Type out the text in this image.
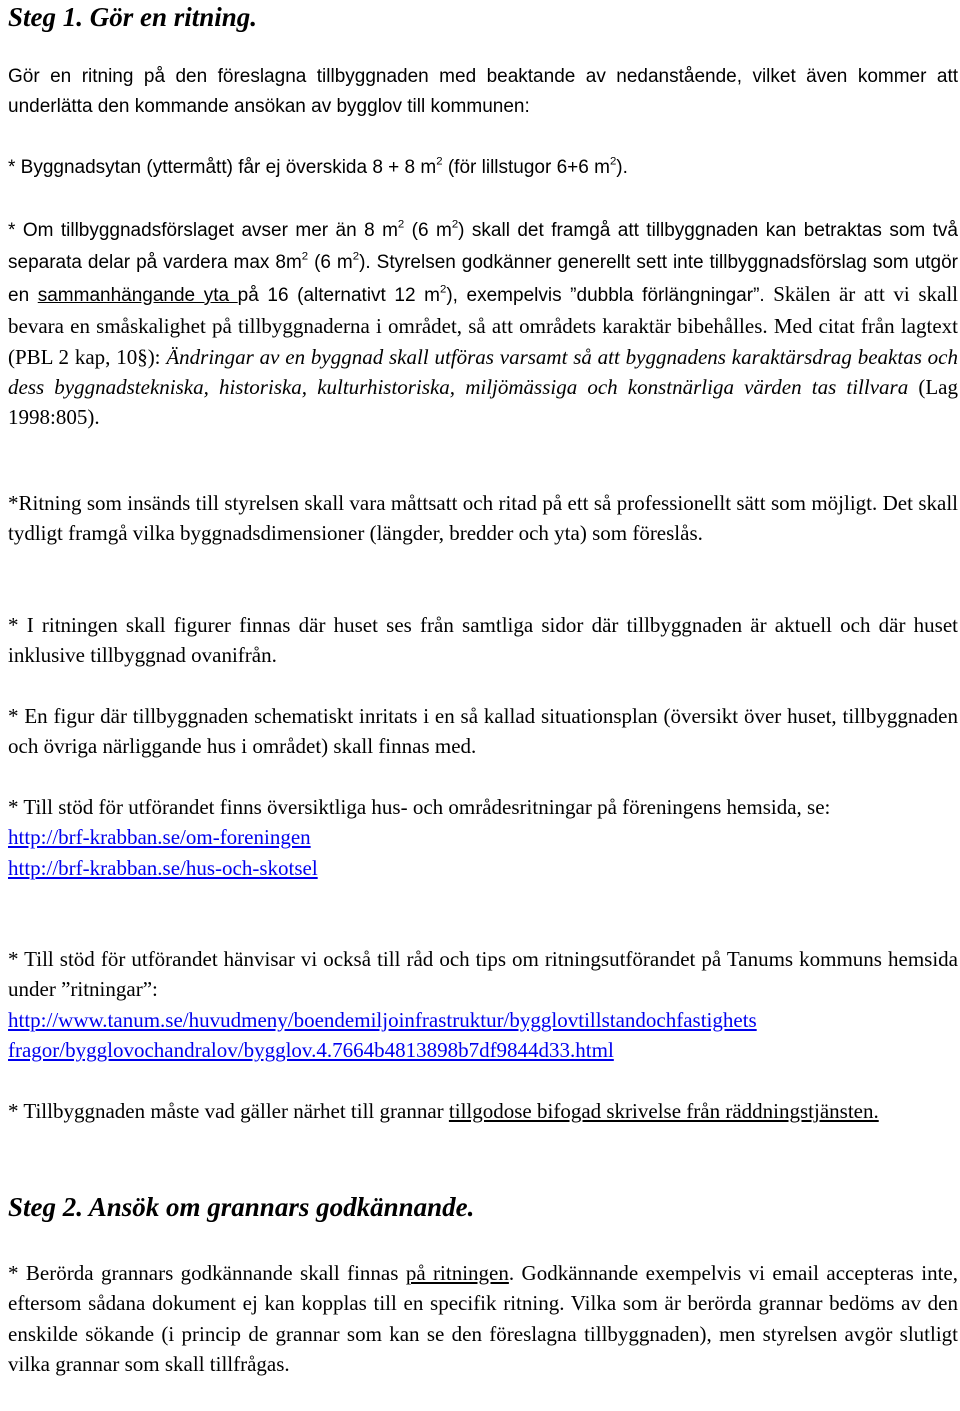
Steg 1. Gör en ritning.

Gör en ritning på den föreslagna tillbyggnaden med beaktande av nedanstående, vilket även kommer att underlätta den kommande ansökan av bygglov till kommunen:

* Byggnadsytan (yttermått) får ej överskida 8 + 8 $m^2$ (för lillstugor 6+6 $m^2$).

* Om tillbyggnadsförslaget avser mer än 8 $m^2$ (6 $m^2$) skall det framgå att tillbyggnaden kan betraktas som två separata delar på vardera $\max 8m^2$ (6 $m^2$). Styrelsen godkänner generellt sett inte tillbyggnadsförslag som utgör en sammanhängande yta på 16 (alternativt 12 $m^2$), exempelvis ”dubbla förlängningar”. Skälen är att vi skall bevara en småskalighet på tillbyggnaderna i området, så att områdets karaktär bibehålles. Med citat från lagtext (PBL 2 kap, 10§): Ändringar av en byggnad skall utföras varsamt så att byggnadens karaktärsdrag beaktas och dess byggnadstekniska, historiska, kulturhistoriska, miljömässiga och konstnärliga värden tas tillvara (Lag 1998:805).

*Ritning som insänds till styrelsen skall vara måttsatt och ritad på ett så professionellt sätt som möjligt. Det skall tydligt framgå vilka byggnadsdimensioner (längder, bredder och yta) som föreslås.

* I ritningen skall figurer finnas där huset ses från samtliga sidor där tillbyggnaden är aktuell och där huset inklusive tillbyggnad ovanifrån.

* En figur där tillbyggnaden schematiskt inritats i en så kallad situationsplan (översikt över huset, tillbyggnaden och övriga närliggande hus i området) skall finnas med.

* Till stöd för utförandet finns översiktliga hus- och områdesritningar på föreningens hemsida, se:
http://brf-krabban.se/om-foreningen
http://brf-krabban.se/hus-och-skotsel

* Till stöd för utförandet hänvisar vi också till råd och tips om ritningsutförandet på Tanums kommuns hemsida under ”ritningar”:
http://www.tanum.se/huvudmeny/boendemiljoinfrastruktur/bygglovtillstandochfastighets
fragor/bygglovochandralov/bygglov.4.7664b4813898b7df9844d33.html

* Tillbyggnaden måste vad gäller närhet till grannar tillgodose bifogad skrivelse från räddningstjänsten.

Steg 2. Ansök om grannars godkännande.

* Berörda grannars godkännande skall finnas på ritningen. Godkännande exempelvis vi email accepteras inte, eftersom sådana dokument ej kan kopplas till en specifik ritning. Vilka som är berörda grannar bedöms av den enskilde sökande (i princip de grannar som kan se den föreslagna tillbyggnaden), men styrelsen avgör slutligt vilka grannar som skall tillfrågas.
